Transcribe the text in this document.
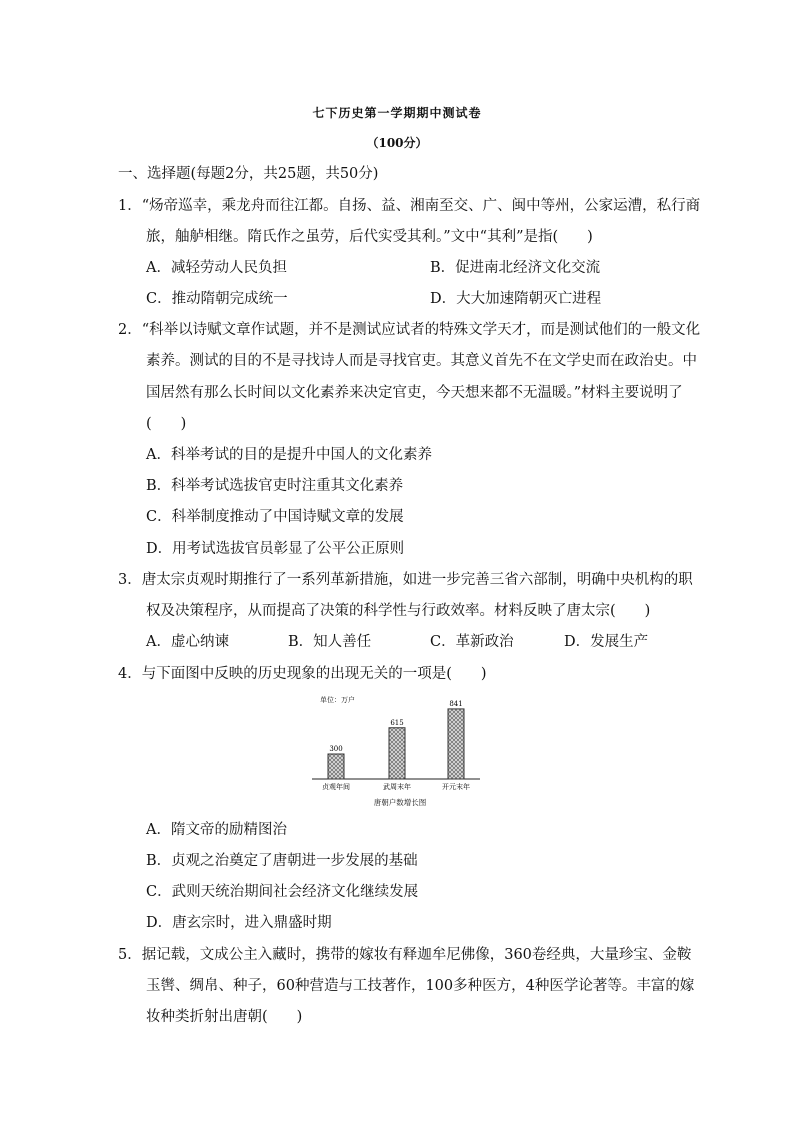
七下历史第一学期期中测试卷
（100分）
一、选择题(每题2分，共25题，共50分)
1．“炀帝巡幸，乘龙舟而往江都。自扬、益、湘南至交、广、闽中等州，公家运漕，私行商
旅，舳舻相继。隋氏作之虽劳，后代实受其利。”文中“其利”是指(　　)
A．减轻劳动人民负担	B．促进南北经济文化交流
C．推动隋朝完成统一	D．大大加速隋朝灭亡进程
2．“科举以诗赋文章作试题，并不是测试应试者的特殊文学天才，而是测试他们的一般文化
素养。测试的目的不是寻找诗人而是寻找官吏。其意义首先不在文学史而在政治史。中
国居然有那么长时间以文化素养来决定官吏，今天想来都不无温暖。”材料主要说明了
(　　)
A．科举考试的目的是提升中国人的文化素养
B．科举考试选拔官吏时注重其文化素养
C．科举制度推动了中国诗赋文章的发展
D．用考试选拔官员彰显了公平公正原则
3．唐太宗贞观时期推行了一系列革新措施，如进一步完善三省六部制，明确中央机构的职
权及决策程序，从而提高了决策的科学性与行政效率。材料反映了唐太宗(　　)
A．虚心纳谏	B．知人善任	C．革新政治	D．发展生产
4．与下面图中反映的历史现象的出现无关的一项是(　　)
单位：万户
300
贞观年间
615
武周末年
841
开元末年
唐朝户数增长图
A．隋文帝的励精图治
B．贞观之治奠定了唐朝进一步发展的基础
C．武则天统治期间社会经济文化继续发展
D．唐玄宗时，进入鼎盛时期
5．据记载，文成公主入藏时，携带的嫁妆有释迦牟尼佛像，360卷经典，大量珍宝、金鞍
玉辔、绸帛、种子，60种营造与工技著作，100多种医方，4种医学论著等。丰富的嫁
妆种类折射出唐朝(　　)
